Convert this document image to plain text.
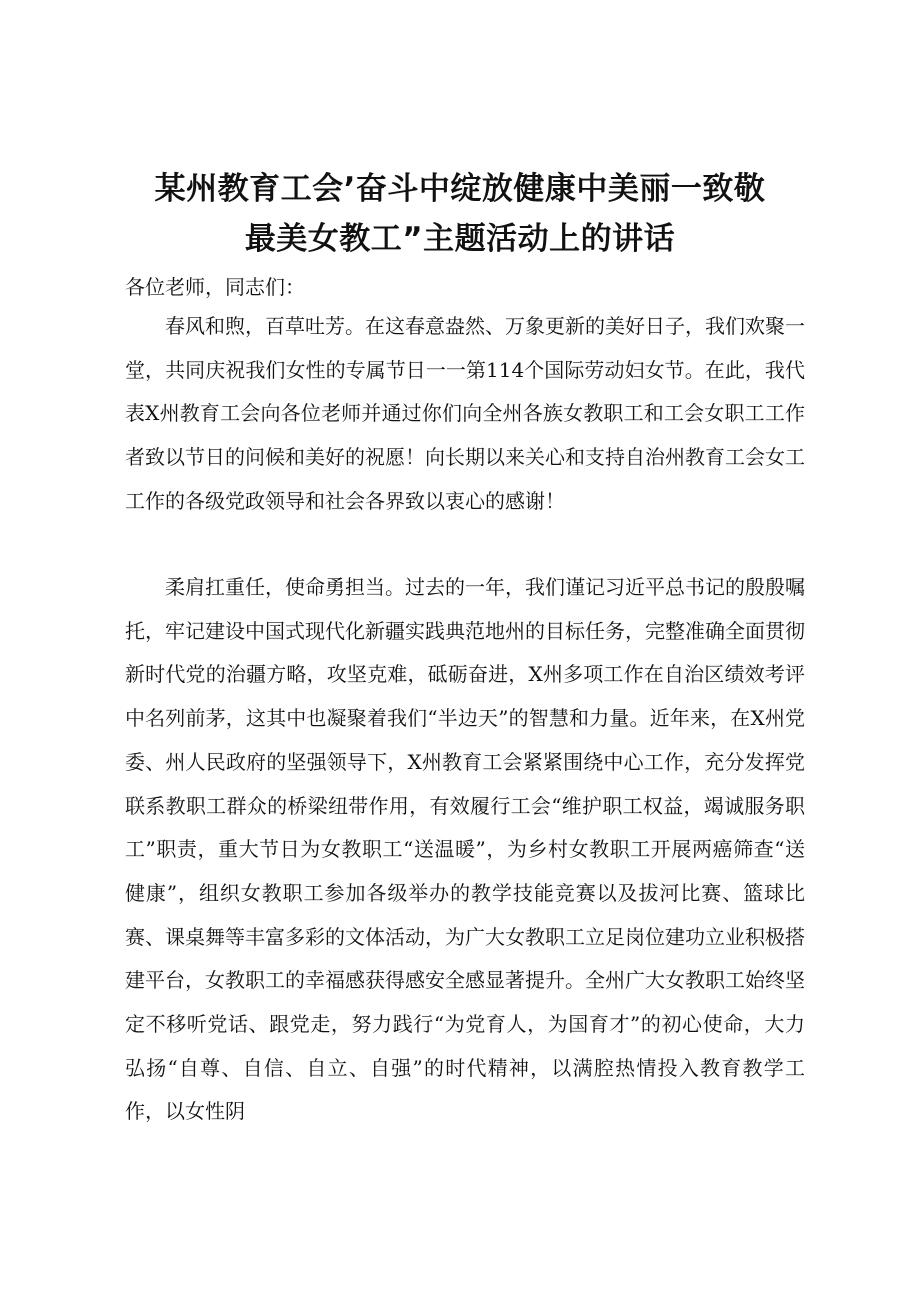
某州教育工会’奋斗中绽放健康中美丽一致敬
最美女教工”主题活动上的讲话

各位老师，同志们：

春风和煦，百草吐芳。在这春意盎然、万象更新的美好日子，我们欢聚一堂，共同庆祝我们女性的专属节日一一第114个国际劳动妇女节。在此，我代表X州教育工会向各位老师并通过你们向全州各族女教职工和工会女职工工作者致以节日的问候和美好的祝愿！向长期以来关心和支持自治州教育工会女工工作的各级党政领导和社会各界致以衷心的感谢！

柔肩扛重任，使命勇担当。过去的一年，我们谨记习近平总书记的殷殷嘱托，牢记建设中国式现代化新疆实践典范地州的目标任务，完整准确全面贯彻新时代党的治疆方略，攻坚克难，砥砺奋进，X州多项工作在自治区绩效考评中名列前茅，这其中也凝聚着我们“半边天”的智慧和力量。近年来，在X州党委、州人民政府的坚强领导下，X州教育工会紧紧围绕中心工作，充分发挥党联系教职工群众的桥梁纽带作用，有效履行工会“维护职工权益，竭诚服务职工”职责，重大节日为女教职工“送温暖”，为乡村女教职工开展两癌筛查“送健康”，组织女教职工参加各级举办的教学技能竞赛以及拔河比赛、篮球比赛、课桌舞等丰富多彩的文体活动，为广大女教职工立足岗位建功立业积极搭建平台，女教职工的幸福感获得感安全感显著提升。全州广大女教职工始终坚定不移听党话、跟党走，努力践行“为党育人，为国育才”的初心使命，大力弘扬“自尊、自信、自立、自强”的时代精神，以满腔热情投入教育教学工作，以女性阴
